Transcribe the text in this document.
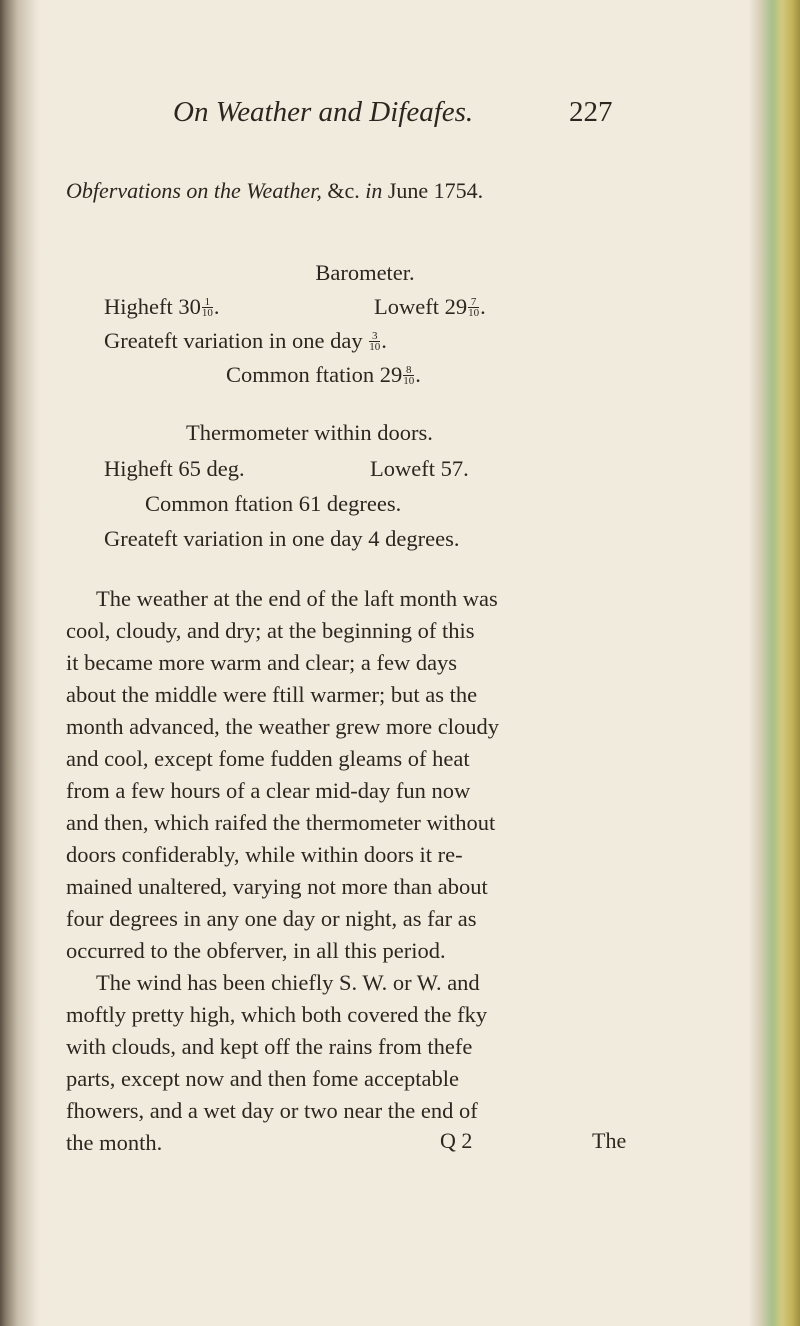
On Weather and Difeafes.	227
Obfervations on the Weather, &c. in June 1754.
Barometer.
Higheft $30 \frac{1}{10}$ .	Loweft $29 \frac{7}{10}$ .
Greateft variation in one day $\frac{3}{10}$ .
Common ftation $29 \frac{8}{10}$ .
Thermometer within doors.
Higheft 65 deg.	Loweft 57.
Common ftation 61 degrees.
Greateft variation in one day 4 degrees.
The weather at the end of the laft month was
cool, cloudy, and dry; at the beginning of this
it became more warm and clear; a few days
about the middle were ftill warmer; but as the
month advanced, the weather grew more cloudy
and cool, except fome fudden gleams of heat
from a few hours of a clear mid-day fun now
and then, which raifed the thermometer without
doors confiderably, while within doors it re-
mained unaltered, varying not more than about
four degrees in any one day or night, as far as
occurred to the obferver, in all this period.
The wind has been chiefly S. W. or W. and
moftly pretty high, which both covered the fky
with clouds, and kept off the rains from thefe
parts, except now and then fome acceptable
fhowers, and a wet day or two near the end of
the month.	Q 2	The
